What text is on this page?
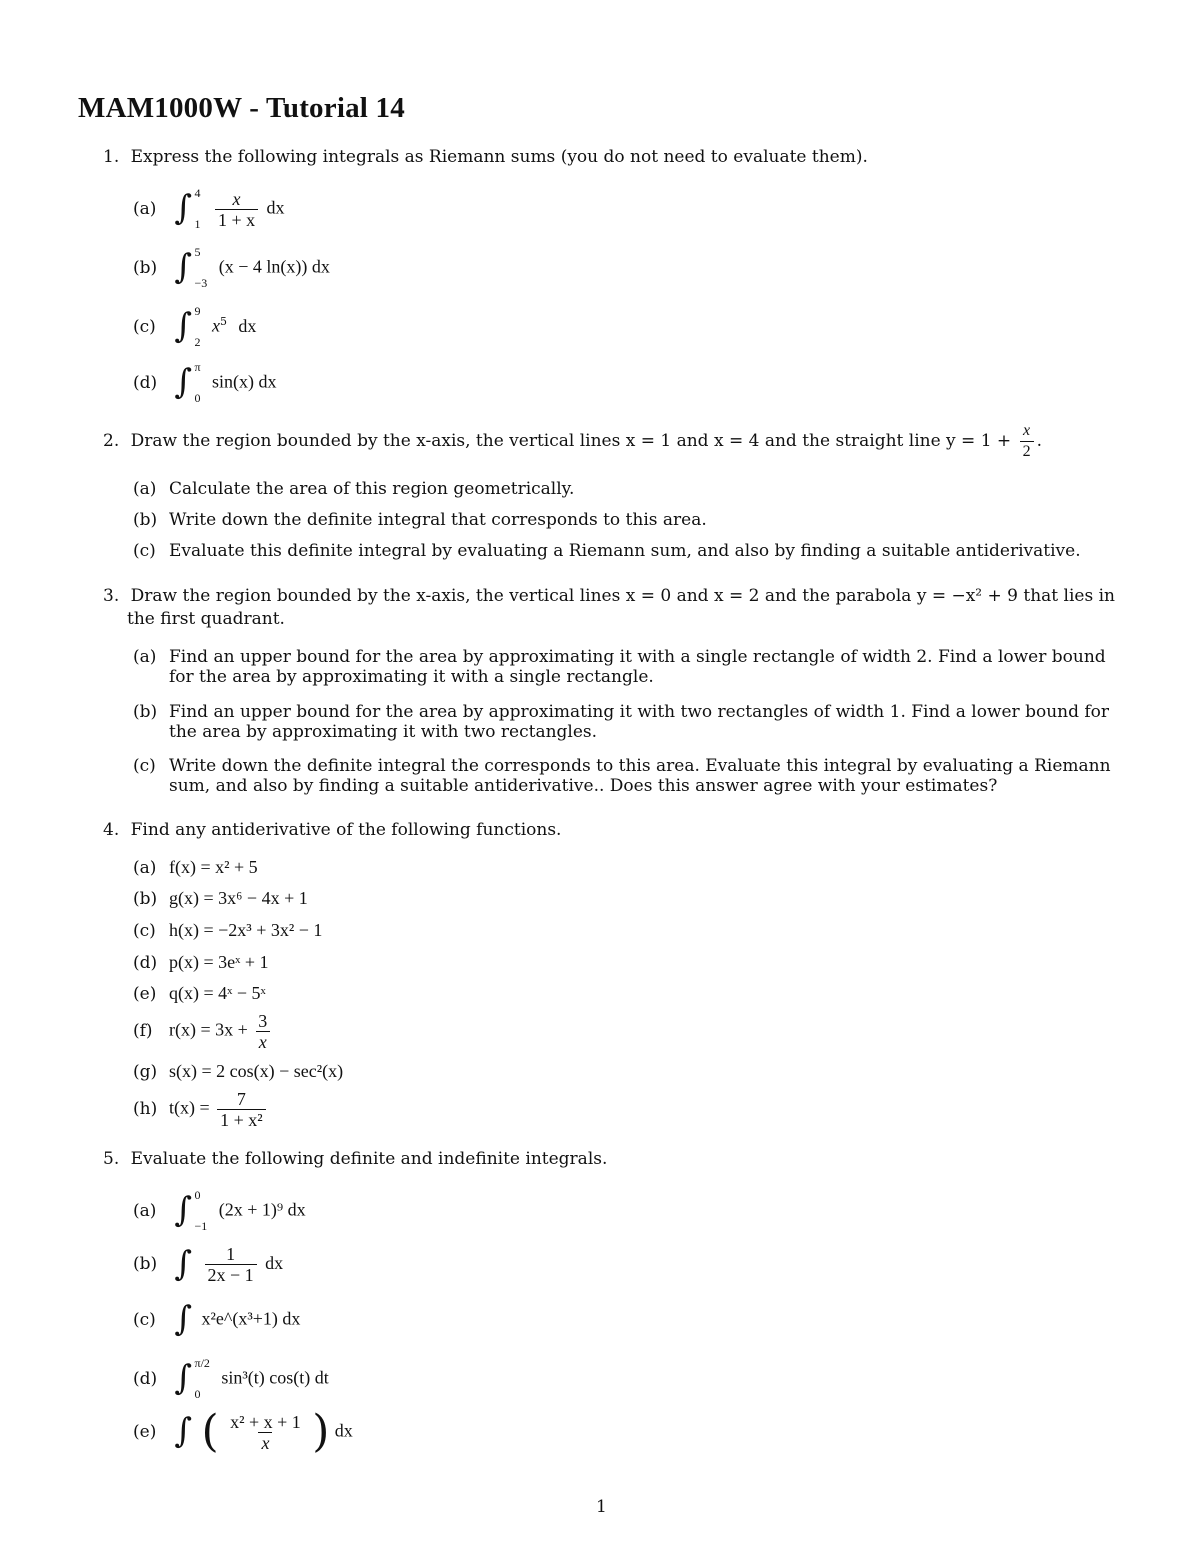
MAM1000W - Tutorial 14
1. Express the following integrals as Riemann sums (you do not need to evaluate them).
(a) ∫ 4
1
$\frac{x}{1 + x}$ dx
(b) ∫ 5
−3
(x − 4 ln(x)) dx
(c) ∫ 9
2
$x^5$ dx
(d) ∫ π
0
sin(x) dx
2. Draw the region bounded by the x-axis, the vertical lines x = 1 and x = 4 and the straight line $y = 1 + \frac{x}{2}$ .
(a) Calculate the area of this region geometrically.
(b) Write down the definite integral that corresponds to this area.
(c) Evaluate this definite integral by evaluating a Riemann sum, and also by finding a suitable antiderivative.
3. Draw the region bounded by the x-axis, the vertical lines x = 0 and x = 2 and the parabola y = −x² + 9 that lies in
the first quadrant.
(a) Find an upper bound for the area by approximating it with a single rectangle of width 2. Find a lower bound
for the area by approximating it with a single rectangle.
(b) Find an upper bound for the area by approximating it with two rectangles of width 1. Find a lower bound for
the area by approximating it with two rectangles.
(c) Write down the definite integral the corresponds to this area. Evaluate this integral by evaluating a Riemann
sum, and also by finding a suitable antiderivative.. Does this answer agree with your estimates?
4. Find any antiderivative of the following functions.
(a) f(x) = x² + 5
(b) g(x) = 3x⁶ − 4x + 1
(c) h(x) = −2x³ + 3x² − 1
(d) p(x) = 3eˣ + 1
(e) q(x) = 4ˣ − 5ˣ
(f) $r(x) = 3x + \frac{3}{x}$
(g) s(x) = 2 cos(x) − sec²(x)
(h) $t(x) = \frac{7}{\text{1 + x²}}$
5. Evaluate the following definite and indefinite integrals.
(a) ∫ 0
−1
(2x + 1)⁹ dx
(b) ∫ $\frac{1}{2x - 1}$ dx
(c) ∫ x²e^(x³+1) dx
(d) ∫ π/2
0
sin³(t) cos(t) dt
(e) ∫ ( $\frac{\text{x² + x + 1}}{x}$ ) dx
1
